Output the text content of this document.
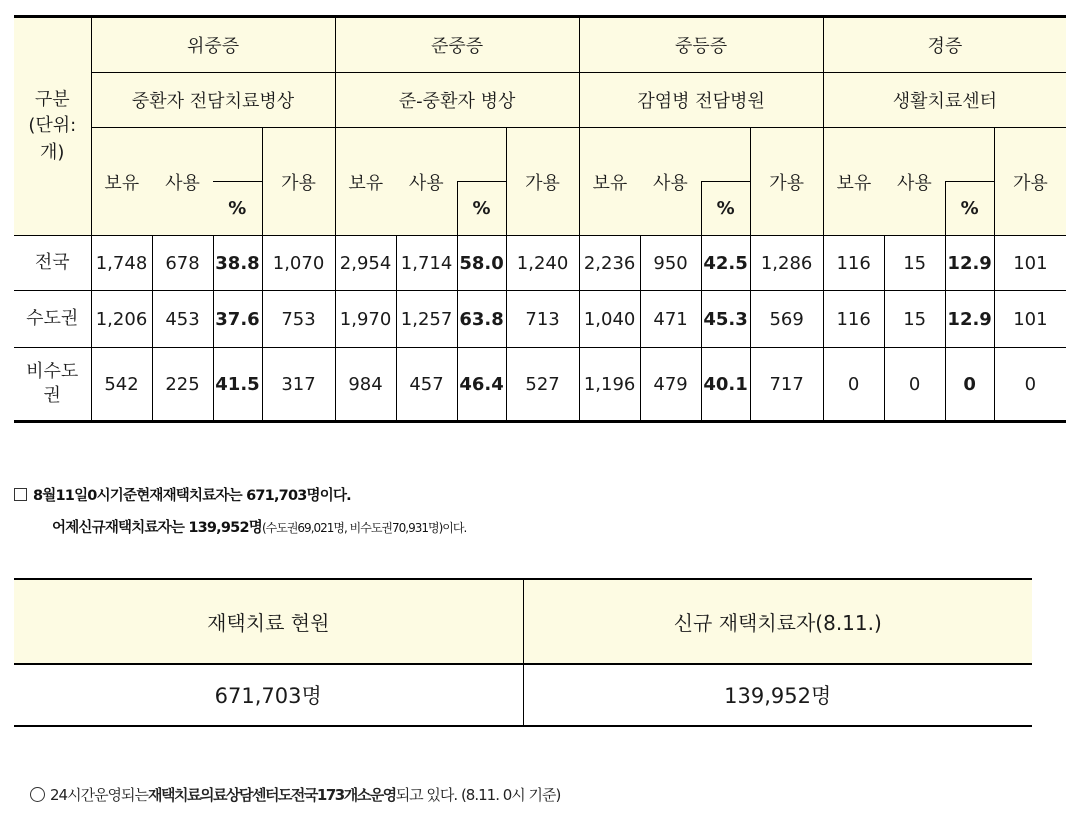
구분
(단위:
개)	위중증				준중증				중등증				경증			
	중환자 전담치료병상				준-중환자 병상				감염병 전담병원				생활치료센터			
	보유	사용		가용	보유	사용		가용	보유	사용		가용	보유	사용		가용
			%				%				%				%	
전국	1,748	678	38.8	1,070	2,954	1,714	58.0	1,240	2,236	950	42.5	1,286	116	15	12.9	101
수도권	1,206	453	37.6	753	1,970	1,257	63.8	713	1,040	471	45.3	569	116	15	12.9	101
비수도권	542	225	41.5	317	984	457	46.4	527	1,196	479	40.1	717	0	0	0	0
8월11일0시기준현재재택치료자는 671,703명이다.
어제신규재택치료자는 139,952명(수도권69,021명, 비수도권70,931명)이다.
재택치료 현원	신규 재택치료자(8.11.)
671,703명	139,952명
24시간운영되는재택치료의료상담센터도전국173개소운영되고 있다. (8.11. 0시 기준)
